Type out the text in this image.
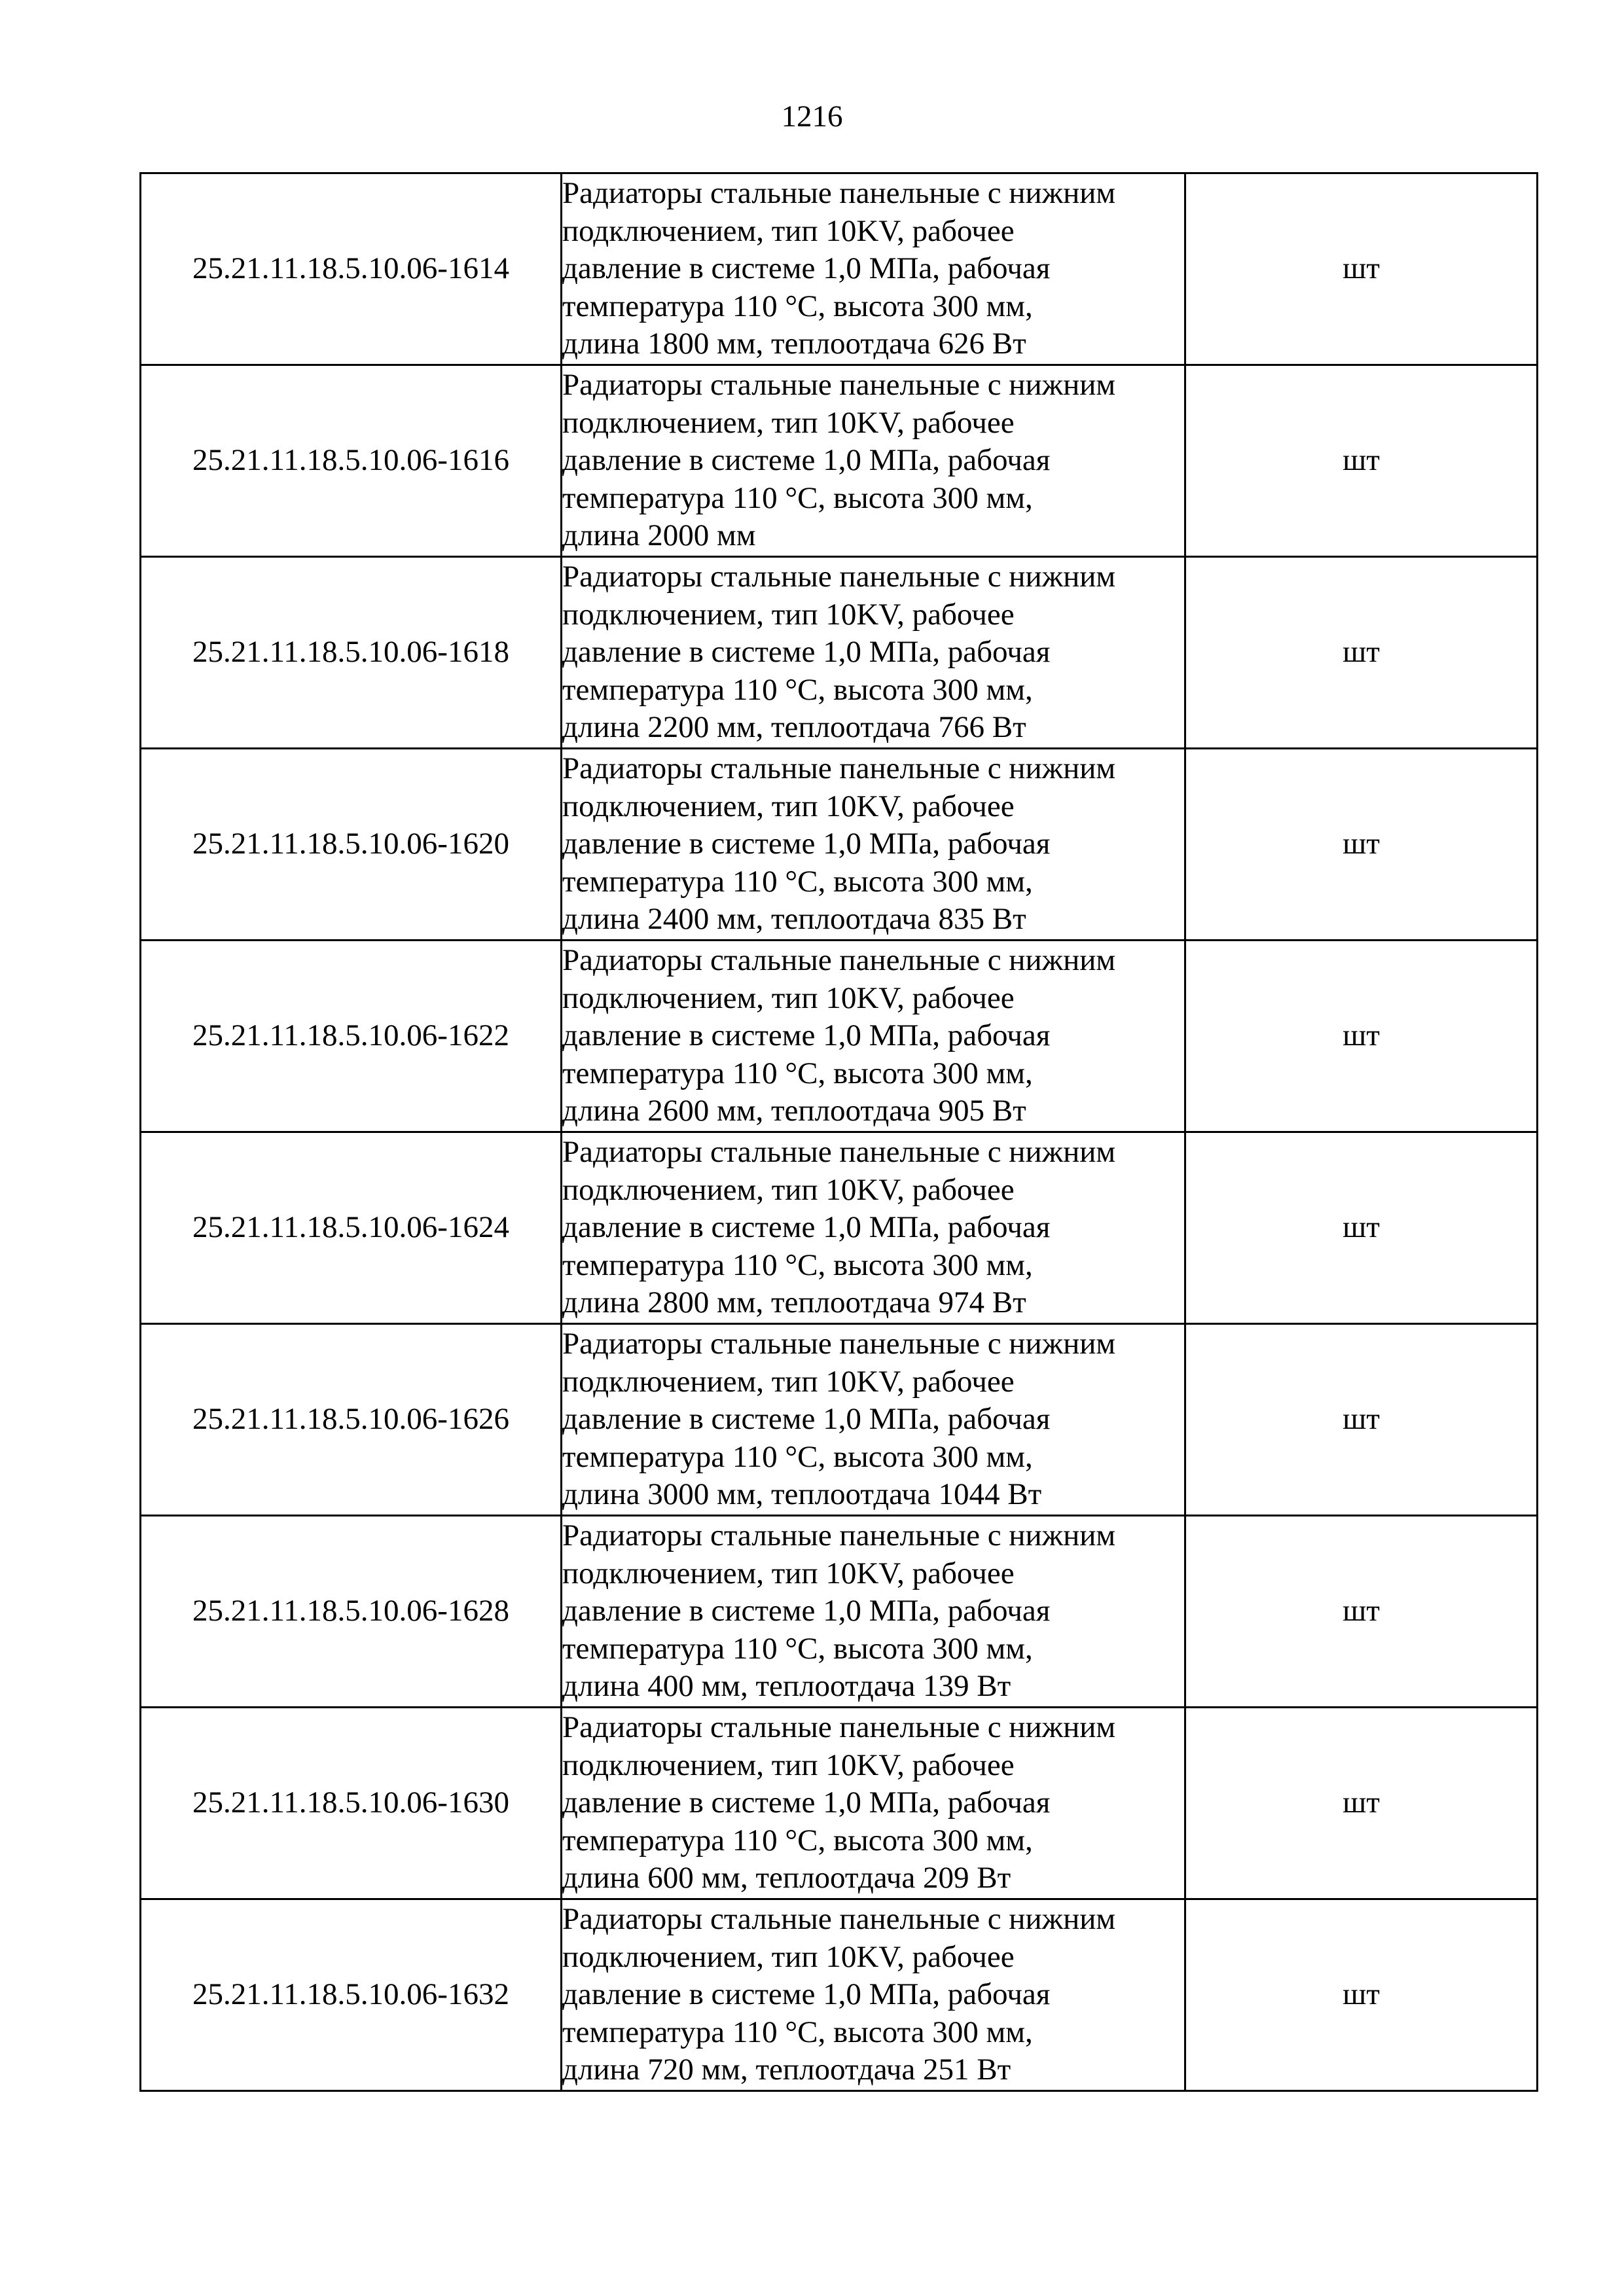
1216
25.21.11.18.5.10.06-1614	Радиаторы стальные панельные с нижним
подключением, тип 10KV, рабочее
давление в системе 1,0 МПа, рабочая
температура 110 °С, высота 300 мм,
длина 1800 мм, теплоотдача 626 Вт	шт
25.21.11.18.5.10.06-1616	Радиаторы стальные панельные с нижним
подключением, тип 10KV, рабочее
давление в системе 1,0 МПа, рабочая
температура 110 °С, высота 300 мм,
длина 2000 мм	шт
25.21.11.18.5.10.06-1618	Радиаторы стальные панельные с нижним
подключением, тип 10KV, рабочее
давление в системе 1,0 МПа, рабочая
температура 110 °С, высота 300 мм,
длина 2200 мм, теплоотдача 766 Вт	шт
25.21.11.18.5.10.06-1620	Радиаторы стальные панельные с нижним
подключением, тип 10KV, рабочее
давление в системе 1,0 МПа, рабочая
температура 110 °С, высота 300 мм,
длина 2400 мм, теплоотдача 835 Вт	шт
25.21.11.18.5.10.06-1622	Радиаторы стальные панельные с нижним
подключением, тип 10KV, рабочее
давление в системе 1,0 МПа, рабочая
температура 110 °С, высота 300 мм,
длина 2600 мм, теплоотдача 905 Вт	шт
25.21.11.18.5.10.06-1624	Радиаторы стальные панельные с нижним
подключением, тип 10KV, рабочее
давление в системе 1,0 МПа, рабочая
температура 110 °С, высота 300 мм,
длина 2800 мм, теплоотдача 974 Вт	шт
25.21.11.18.5.10.06-1626	Радиаторы стальные панельные с нижним
подключением, тип 10KV, рабочее
давление в системе 1,0 МПа, рабочая
температура 110 °С, высота 300 мм,
длина 3000 мм, теплоотдача 1044 Вт	шт
25.21.11.18.5.10.06-1628	Радиаторы стальные панельные с нижним
подключением, тип 10KV, рабочее
давление в системе 1,0 МПа, рабочая
температура 110 °С, высота 300 мм,
длина 400 мм, теплоотдача 139 Вт	шт
25.21.11.18.5.10.06-1630	Радиаторы стальные панельные с нижним
подключением, тип 10KV, рабочее
давление в системе 1,0 МПа, рабочая
температура 110 °С, высота 300 мм,
длина 600 мм, теплоотдача 209 Вт	шт
25.21.11.18.5.10.06-1632	Радиаторы стальные панельные с нижним
подключением, тип 10KV, рабочее
давление в системе 1,0 МПа, рабочая
температура 110 °С, высота 300 мм,
длина 720 мм, теплоотдача 251 Вт	шт
